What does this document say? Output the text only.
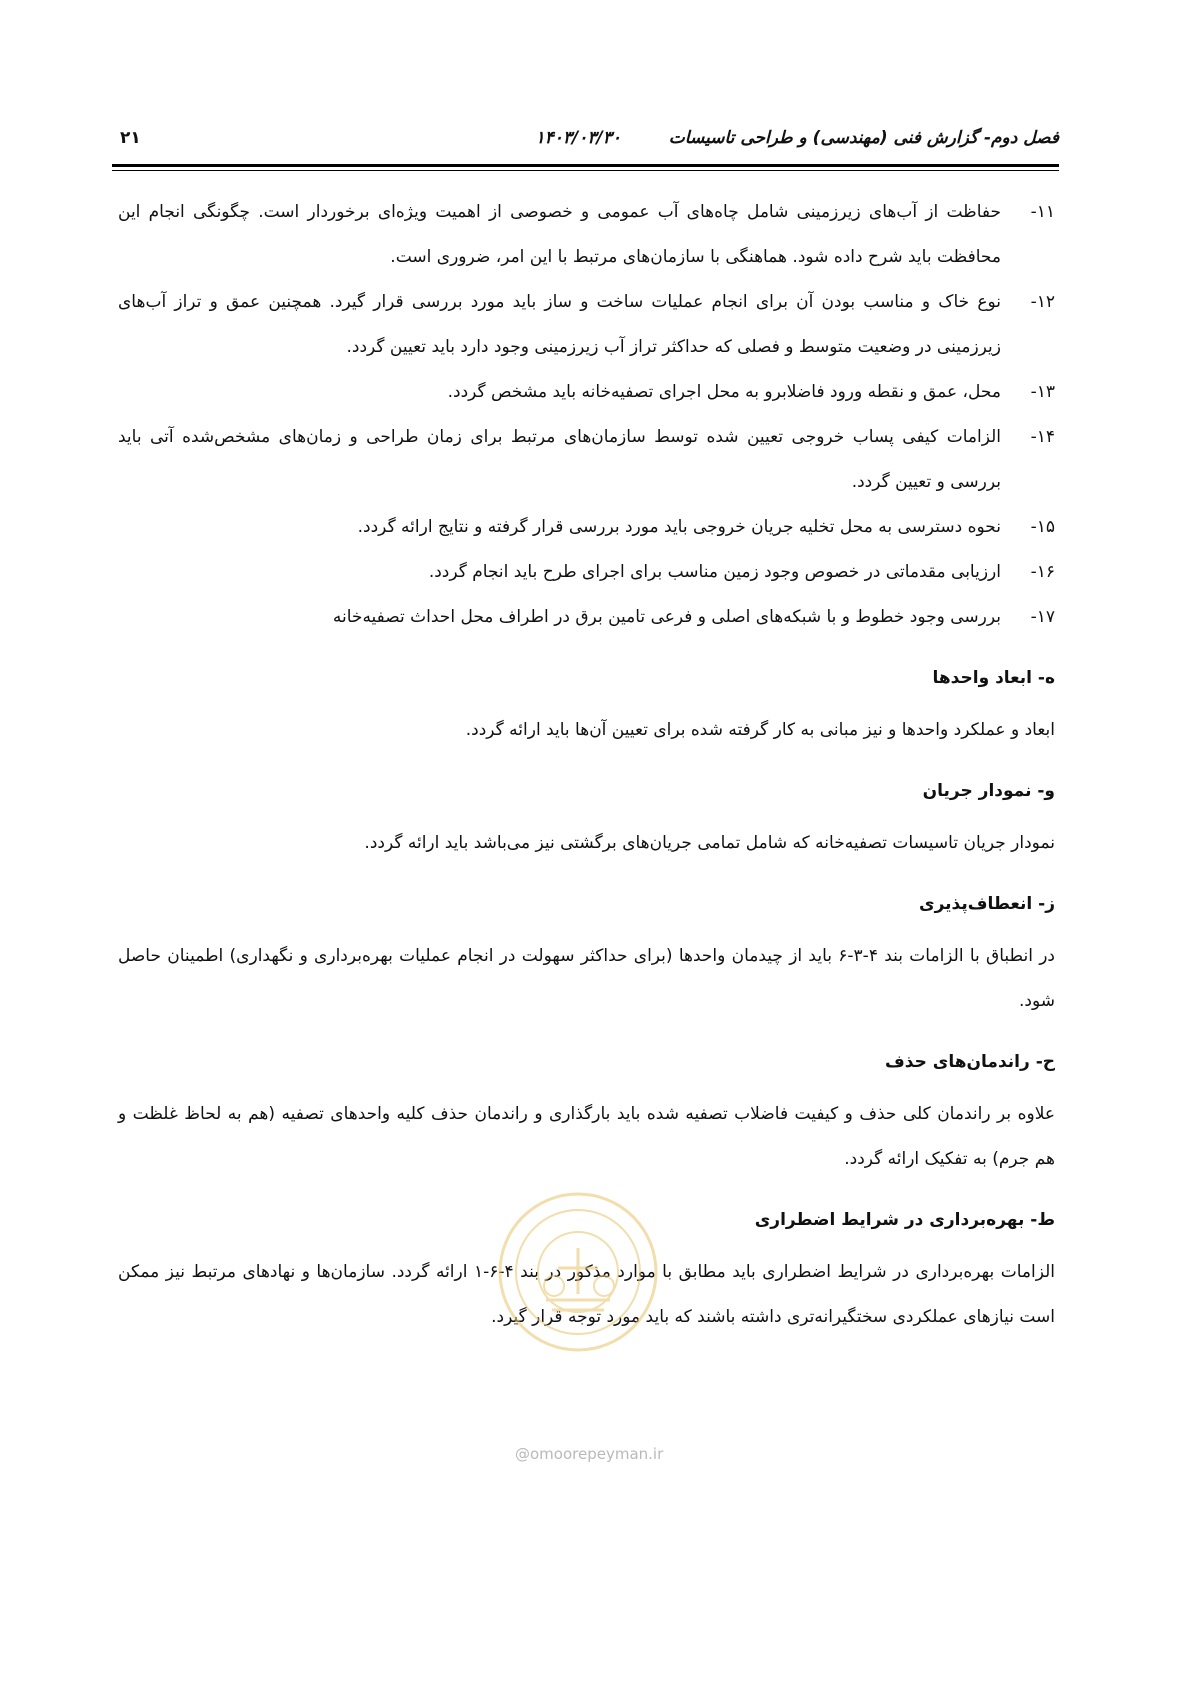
فصل دوم- گزارش فنی (مهندسی) و طراحی تاسیسات
۱۴۰۳/۰۳/۳۰
۲۱
۱۱-
حفاظت از آب‌های زیرزمینی شامل چاه‌های آب عمومی و خصوصی از اهمیت ویژه‌ای برخوردار است. چگونگی انجام این محافظت باید شرح داده شود. هماهنگی با سازمان‌های مرتبط با این امر، ضروری است.
۱۲-
نوع خاک و مناسب بودن آن برای انجام عملیات ساخت و ساز باید مورد بررسی قرار گیرد. همچنین عمق و تراز آب‌های زیرزمینی در وضعیت متوسط و فصلی که حداکثر تراز آب زیرزمینی وجود دارد باید تعیین گردد.
۱۳-
محل، عمق و نقطه ورود فاضلابرو به محل اجرای تصفیه‌خانه باید مشخص گردد.
۱۴-
الزامات کیفی پساب خروجی تعیین شده توسط سازمان‌های مرتبط برای زمان طراحی و زمان‌های مشخص‌شده آتی باید بررسی و تعیین گردد.
۱۵-
نحوه دسترسی به محل تخلیه جریان خروجی باید مورد بررسی قرار گرفته و نتایج ارائه گردد.
۱۶-
ارزیابی مقدماتی در خصوص وجود زمین مناسب برای اجرای طرح باید انجام گردد.
۱۷-
بررسی وجود خطوط و با شبکه‌های اصلی و فرعی تامین برق در اطراف محل احداث تصفیه‌خانه
ه- ابعاد واحدها

ابعاد و عملکرد واحدها و نیز مبانی به کار گرفته شده برای تعیین آن‌ها باید ارائه گردد.

و- نمودار جریان

نمودار جریان تاسیسات تصفیه‌خانه که شامل تمامی جریان‌های برگشتی نیز می‌باشد باید ارائه گردد.

ز- انعطاف‌پذیری

در انطباق با الزامات بند ۴-۳-۶ باید از چیدمان واحدها (برای حداکثر سهولت در انجام عملیات بهره‌برداری و نگهداری) اطمینان حاصل شود.

ح- راندمان‌های حذف

علاوه بر راندمان کلی حذف و کیفیت فاضلاب تصفیه شده باید بارگذاری و راندمان حذف کلیه واحدهای تصفیه (هم به لحاظ غلظت و هم جرم) به تفکیک ارائه گردد.

ط- بهره‌برداری در شرایط اضطراری

الزامات بهره‌برداری در شرایط اضطراری باید مطابق با موارد مذکور در بند ۴-۶-۱ ارائه گردد. سازمان‌ها و نهادهای مرتبط نیز ممکن است نیازهای عملکردی سختگیرانه‌تری داشته باشند که باید مورد توجه قرار گیرد.

@omoorepeyman.ir
